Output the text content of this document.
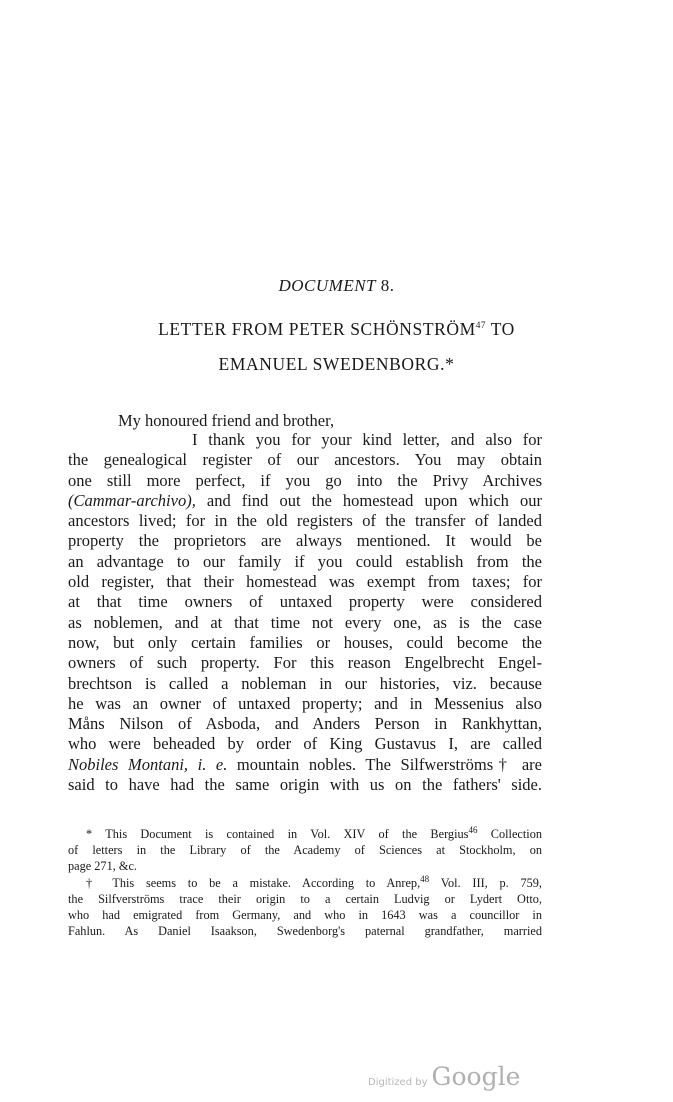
DOCUMENT 8.
LETTER FROM PETER SCHÖNSTRÖM$^{47}$ TO
EMANUEL SWEDENBORG.*
My honoured friend and brother,
I thank you for your kind letter, and also for
the genealogical register of our ancestors. You may obtain
one still more perfect, if you go into the Privy Archives
(Cammar-archivo), and find out the homestead upon which our
ancestors lived; for in the old registers of the transfer of landed
property the proprietors are always mentioned. It would be
an advantage to our family if you could establish from the
old register, that their homestead was exempt from taxes; for
at that time owners of untaxed property were considered
as noblemen, and at that time not every one, as is the case
now, but only certain families or houses, could become the
owners of such property. For this reason Engelbrecht Engel-
brechtson is called a nobleman in our histories, viz. because
he was an owner of untaxed property; and in Messenius also
Måns Nilson of Asboda, and Anders Person in Rankhyttan,
who were beheaded by order of King Gustavus I, are called
Nobiles Montani, i. e. mountain nobles. The Silfwerströms† are
said to have had the same origin with us on the fathers' side.
* This Document is contained in Vol. XIV of the Bergius$^{46}$ Collection
of letters in the Library of the Academy of Sciences at Stockholm, on
page 271, &c.
† This seems to be a mistake. According to Anrep,$^{48}$ Vol. III, p. 759,
the Silfverströms trace their origin to a certain Ludvig or Lydert Otto,
who had emigrated from Germany, and who in 1643 was a councillor in
Fahlun. As Daniel Isaakson, Swedenborg's paternal grandfather, married
Digitized by Google
